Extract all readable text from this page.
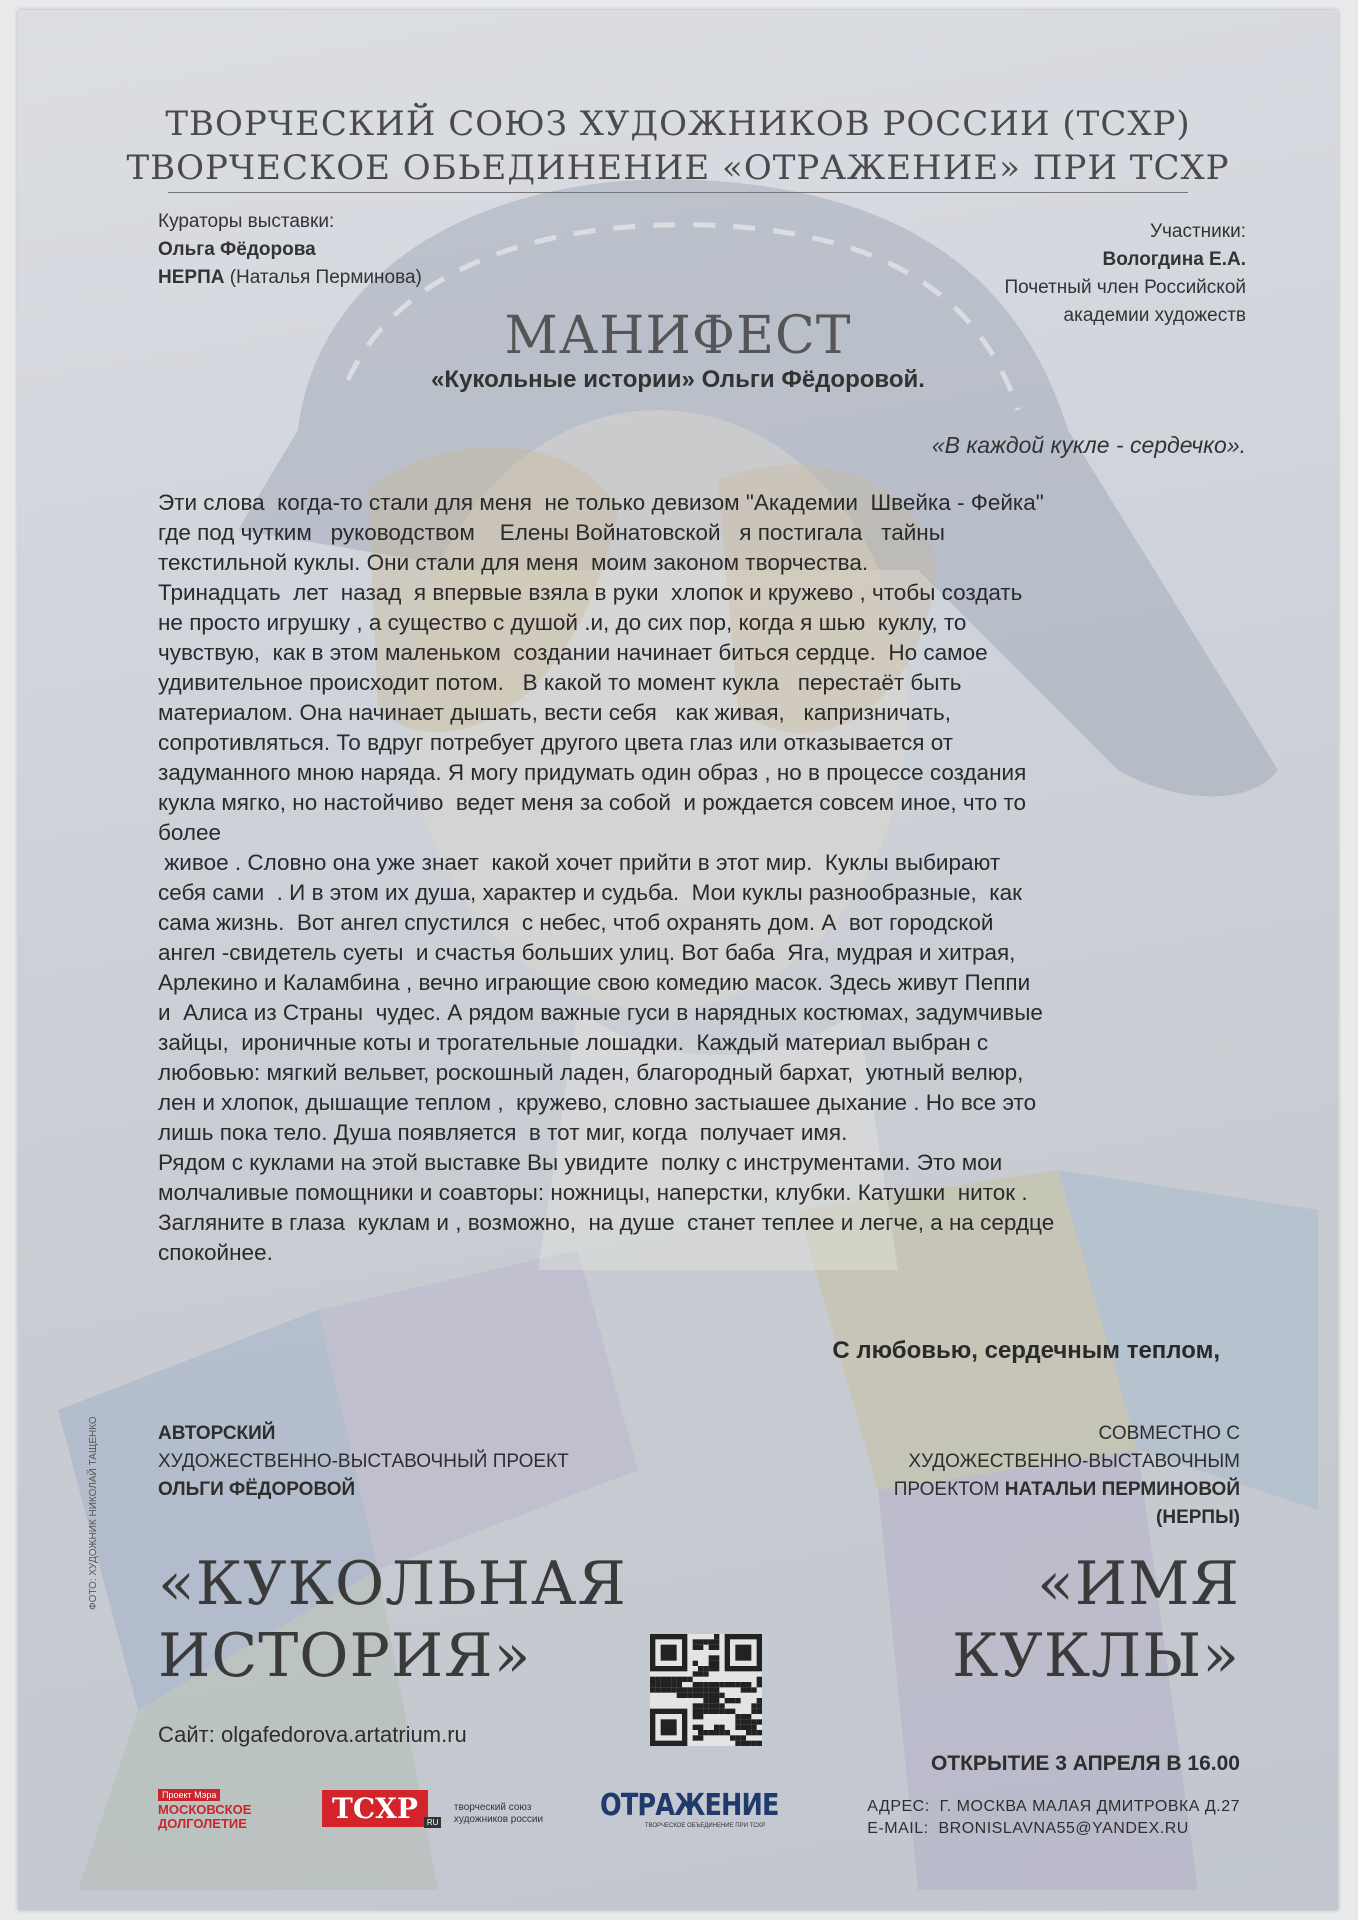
ТВОРЧЕСКИЙ СОЮЗ ХУДОЖНИКОВ РОССИИ (ТСХР)
ТВОРЧЕСКОЕ ОБЬЕДИНЕНИЕ «ОТРАЖЕНИЕ» ПРИ ТСХР
Кураторы выставки:
Ольга Фёдорова
НЕРПА (Наталья Перминова)
Участники:
Вологдина Е.А.
Почетный член Российской
академии художеств
МАНИФЕСТ
«Кукольные истории» Ольги Фёдоровой.
«В каждой кукле - сердечко».

Эти слова  когда-то стали для меня  не только девизом "Академии  Швейка - Фейка"

где под чутким   руководством    Елены Войнатовской   я постигала   тайны

текстильной куклы. Они стали для меня  моим законом творчества.

Тринадцать  лет  назад  я впервые взяла в руки  хлопок и кружево , чтобы создать

не просто игрушку , а существо с душой .и, до сих пор, когда я шью  куклу, то

чувствую,  как в этом маленьком  создании начинает биться сердце.  Но самое

удивительное происходит потом.   В какой то момент кукла   перестаёт быть

материалом. Она начинает дышать, вести себя   как живая,   капризничать,

сопротивляться. То вдруг потребует другого цвета глаз или отказывается от

задуманного мною наряда. Я могу придумать один образ , но в процессе создания

кукла мягко, но настойчиво  ведет меня за собой  и рождается совсем иное, что то

более

живое . Словно она уже знает  какой хочет прийти в этот мир.  Куклы выбирают

себя сами  . И в этом их душа, характер и судьба.  Мои куклы разнообразные,  как

сама жизнь.  Вот ангел спустился  с небес, чтоб охранять дом. А  вот городской

ангел -свидетель суеты  и счастья больших улиц. Вот баба  Яга, мудрая и хитрая,

Арлекино и Каламбина , вечно играющие свою комедию масок. Здесь живут Пеппи

и  Алиса из Страны  чудес. А рядом важные гуси в нарядных костюмах, задумчивые

зайцы,  ироничные коты и трогательные лошадки.  Каждый материал выбран с

любовью: мягкий вельвет, роскошный ладен, благородный бархат,  уютный велюр,

лен и хлопок, дышащие теплом ,  кружево, словно застыашее дыхание . Но все это

лишь пока тело. Душа появляется  в тот миг, когда  получает имя.

Рядом с куклами на этой выставке Вы увидите  полку с инструментами. Это мои

молчаливые помощники и соавторы: ножницы, наперстки, клубки. Катушки  ниток .

Загляните в глаза  куклам и , возможно,  на душе  станет теплее и легче, а на сердце

спокойнее.

С любовью, сердечным теплом,
АВТОРСКИЙ
ХУДОЖЕСТВЕННО-ВЫСТАВОЧНЫЙ ПРОЕКТ
ОЛЬГИ ФЁДОРОВОЙ
СОВМЕСТНО С
ХУДОЖЕСТВЕННО-ВЫСТАВОЧНЫМ
ПРОЕКТОМ НАТАЛЬИ ПЕРМИНОВОЙ
(НЕРПЫ)
«КУКОЛЬНАЯ
ИСТОРИЯ»
«ИМЯ
КУКЛЫ»
Сайт: olgafedorova.artatrium.ru
ОТКРЫТИЕ 3 АПРЕЛЯ В 16.00
АДРЕС: Г. МОСКВА МАЛАЯ ДМИТРОВКА Д.27
E-MAIL: BRONISLAVNA55@YANDEX.RU
ФОТО: ХУДОЖНИК НИКОЛАЙ ТАЩЕНКО
Проект Мэра
МОСКОВСКОЕ
ДОЛГОЛЕТИЕ	ТСХР RU творческий союз
художников россии ОТРАЖЕНИЕ
ТВОРЧЕСКОЕ ОБЪЕДИНЕНИЕ ПРИ ТСХР
